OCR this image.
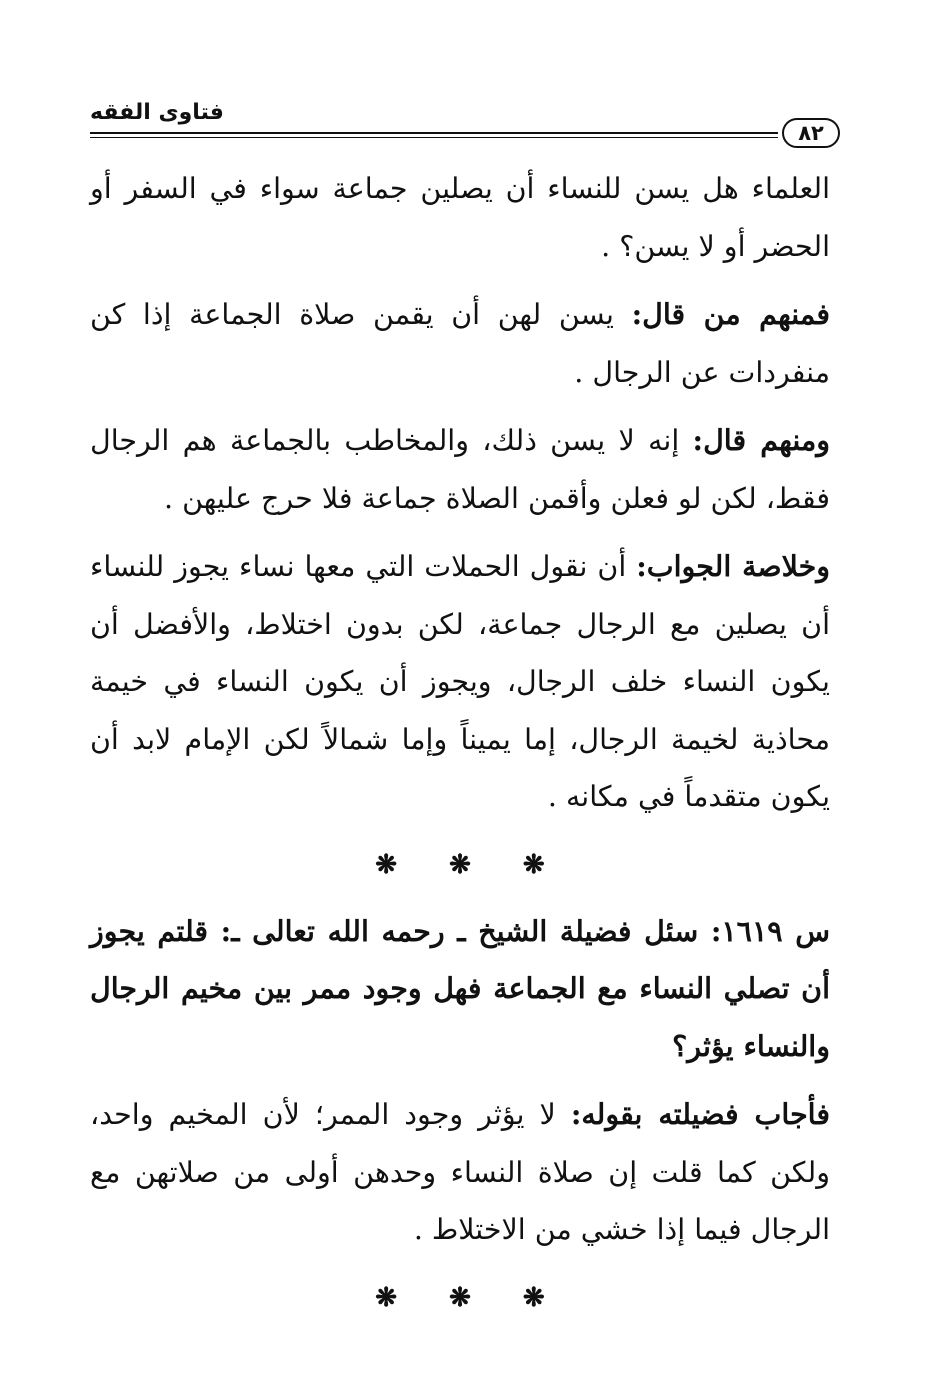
فتاوى الفقه
٨٢

العلماء هل يسن للنساء أن يصلين جماعة سواء في السفر أو الحضر أو لا يسن؟ .

فمنهم من قال: يسن لهن أن يقمن صلاة الجماعة إذا كن منفردات عن الرجال .

ومنهم قال: إنه لا يسن ذلك، والمخاطب بالجماعة هم الرجال فقط، لكن لو فعلن وأقمن الصلاة جماعة فلا حرج عليهن .

وخلاصة الجواب: أن نقول الحملات التي معها نساء يجوز للنساء أن يصلين مع الرجال جماعة، لكن بدون اختلاط، والأفضل أن يكون النساء خلف الرجال، ويجوز أن يكون النساء في خيمة محاذية لخيمة الرجال، إما يميناً وإما شمالاً لكن الإمام لابد أن يكون متقدماً في مكانه .

❋ ❋ ❋

س ١٦١٩: سئل فضيلة الشيخ ـ رحمه الله تعالى ـ: قلتم يجوز أن تصلي النساء مع الجماعة فهل وجود ممر بين مخيم الرجال والنساء يؤثر؟

فأجاب فضيلته بقوله: لا يؤثر وجود الممر؛ لأن المخيم واحد، ولكن كما قلت إن صلاة النساء وحدهن أولى من صلاتهن مع الرجال فيما إذا خشي من الاختلاط .

❋ ❋ ❋
